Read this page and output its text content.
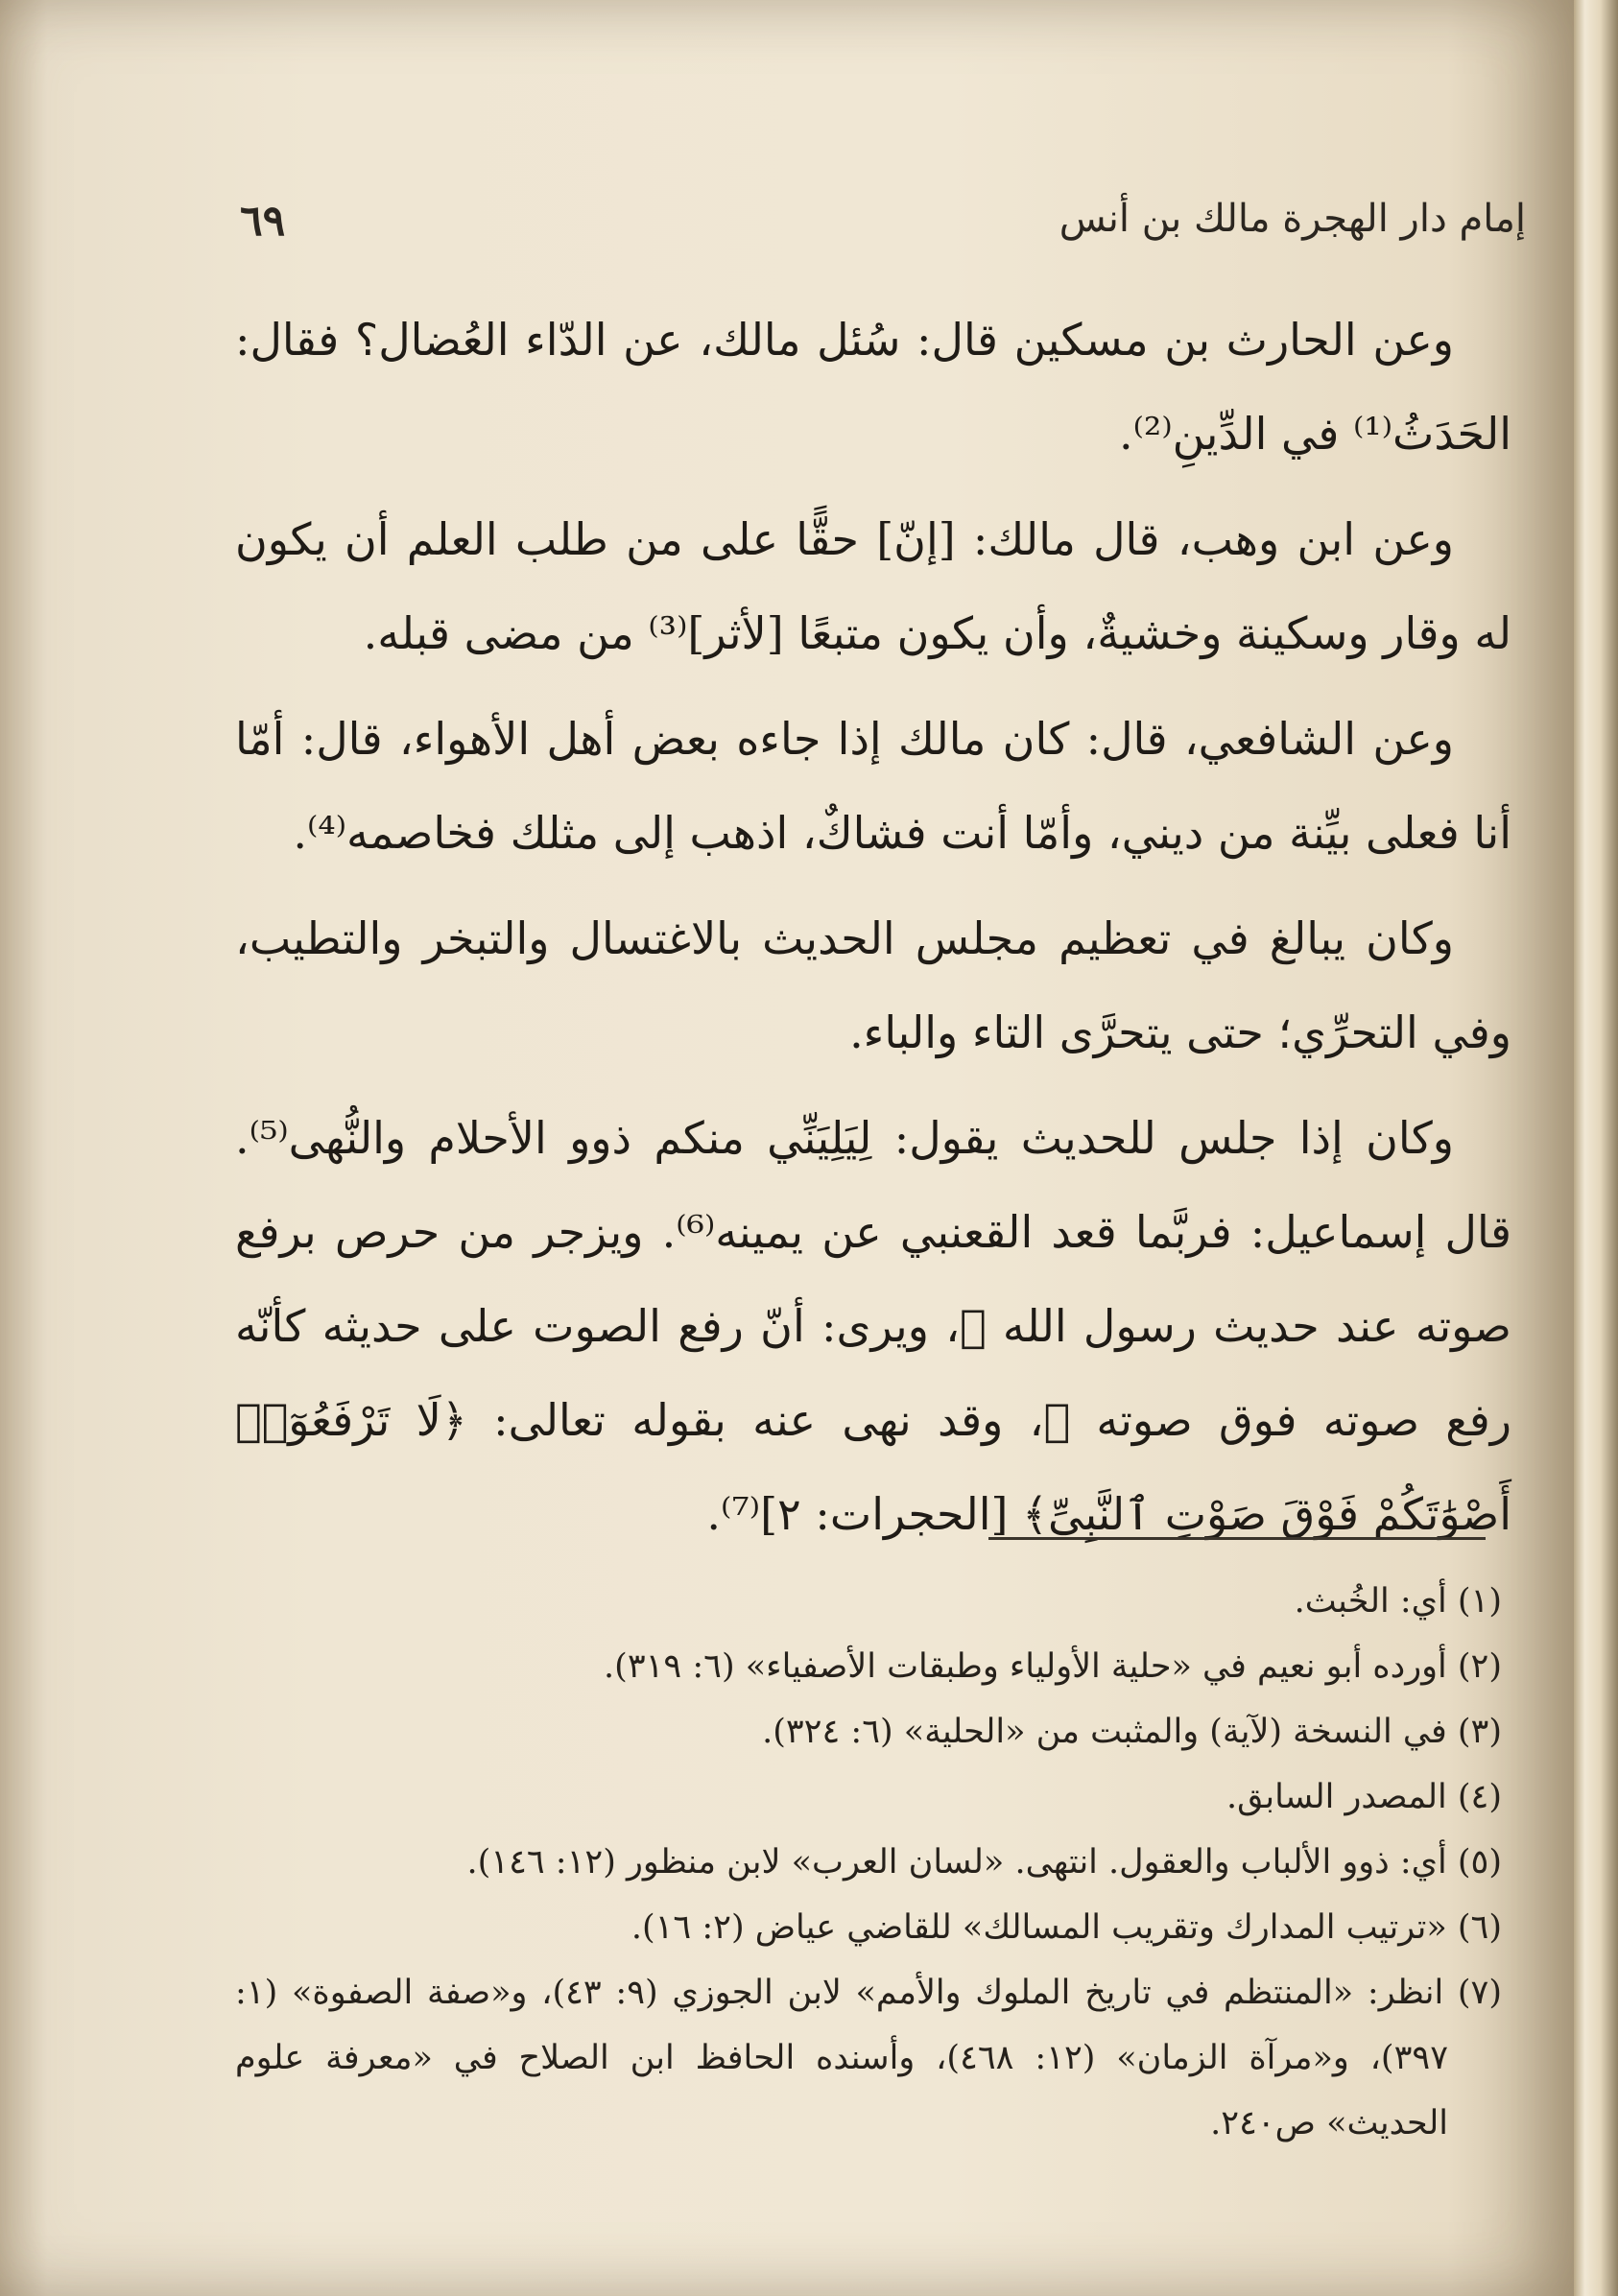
إمام دار الهجرة مالك بن أنس
٦٩

وعن الحارث بن مسكين قال: سُئل مالك، عن الدّاء العُضال؟ فقال: الحَدَثُ⁽¹⁾ في الدِّينِ⁽²⁾.

وعن ابن وهب، قال مالك: [إنّ] حقًّا على من طلب العلم أن يكون له وقار وسكينة وخشيةٌ، وأن يكون متبعًا [لأثر]⁽³⁾ من مضى قبله.

وعن الشافعي، قال: كان مالك إذا جاءه بعض أهل الأهواء، قال: أمّا أنا فعلى بيِّنة من ديني، وأمّا أنت فشاكٌ، اذهب إلى مثلك فخاصمه⁽⁴⁾.

وكان يبالغ في تعظيم مجلس الحديث بالاغتسال والتبخر والتطيب، وفي التحرِّي؛ حتى يتحرَّى التاء والباء.

وكان إذا جلس للحديث يقول: لِيَلِيَنِّي منكم ذوو الأحلام والنُّهى⁽⁵⁾. قال إسماعيل: فربَّما قعد القعنبي عن يمينه⁽⁶⁾. ويزجر من حرص برفع صوته عند حديث رسول الله ﷺ، ويرى: أنّ رفع الصوت على حديثه كأنّه رفع صوته فوق صوته ﷺ، وقد نهى عنه بقوله تعالى: ﴿لَا تَرْفَعُوٓا۟ أَصْوَٰتَكُمْ فَوْقَ صَوْتِ ٱلنَّبِىِّ﴾ [الحجرات: ٢]⁽⁷⁾.

(١) أي: الخُبث.

(٢) أورده أبو نعيم في «حلية الأولياء وطبقات الأصفياء» (٦: ٣١٩).

(٣) في النسخة (لآية) والمثبت من «الحلية» (٦: ٣٢٤).

(٤) المصدر السابق.

(٥) أي: ذوو الألباب والعقول. انتهى. «لسان العرب» لابن منظور (١٢: ١٤٦).

(٦) «ترتيب المدارك وتقريب المسالك» للقاضي عياض (٢: ١٦).

(٧) انظر: «المنتظم في تاريخ الملوك والأمم» لابن الجوزي (٩: ٤٣)، و«صفة الصفوة» (١: ٣٩٧)، و«مرآة الزمان» (١٢: ٤٦٨)، وأسنده الحافظ ابن الصلاح في «معرفة علوم الحديث» ص٢٤٠.
